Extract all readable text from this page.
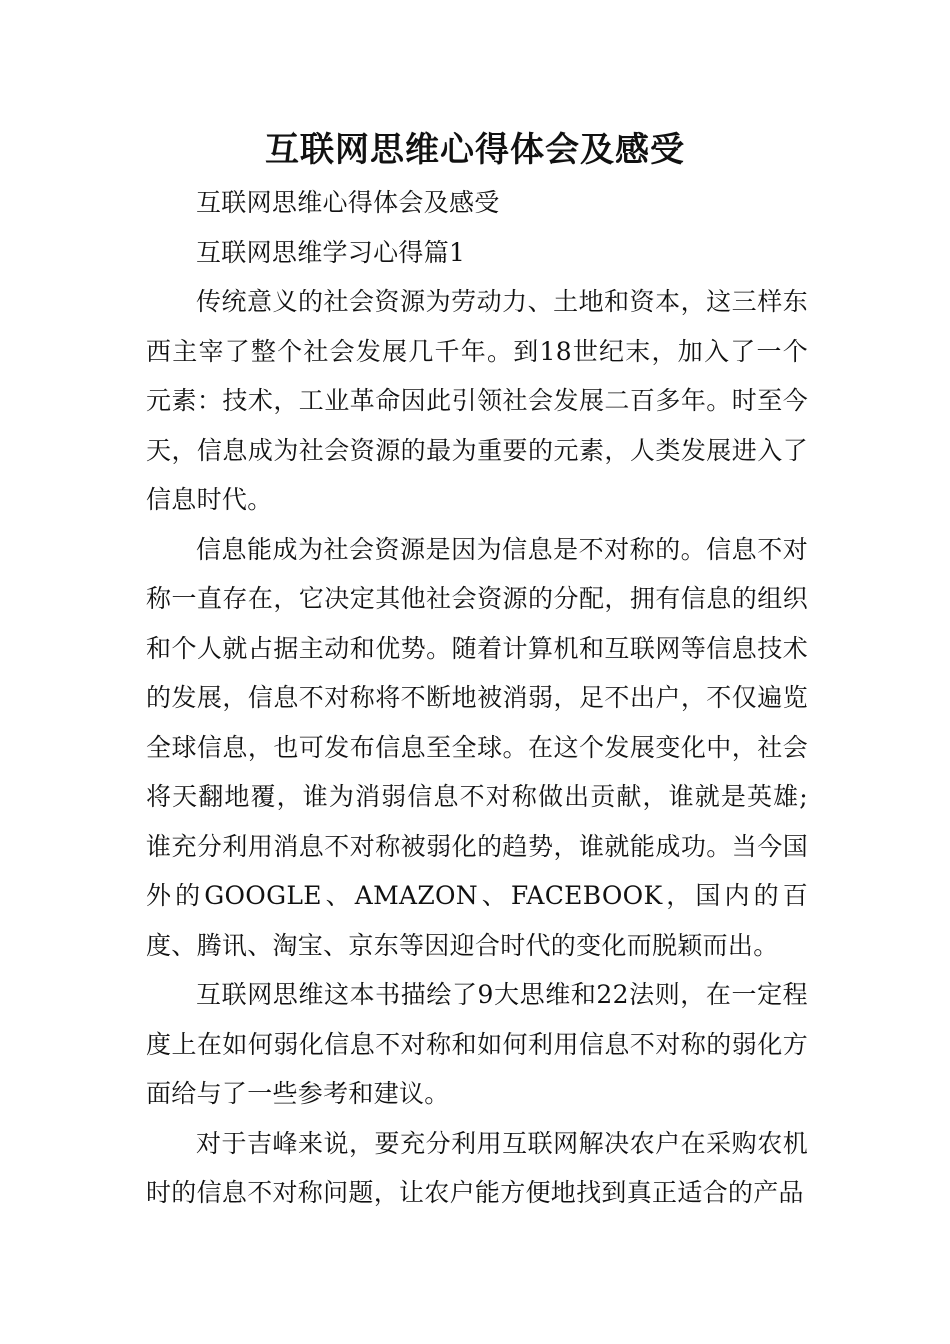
互联网思维心得体会及感受

互联网思维心得体会及感受

互联网思维学习心得篇1

传统意义的社会资源为劳动力、土地和资本，这三样东西主宰了整个社会发展几千年。到18世纪末，加入了一个元素：技术，工业革命因此引领社会发展二百多年。时至今天，信息成为社会资源的最为重要的元素，人类发展进入了信息时代。

信息能成为社会资源是因为信息是不对称的。信息不对称一直存在，它决定其他社会资源的分配，拥有信息的组织和个人就占据主动和优势。随着计算机和互联网等信息技术的发展，信息不对称将不断地被消弱，足不出户，不仅遍览全球信息，也可发布信息至全球。在这个发展变化中，社会将天翻地覆，谁为消弱信息不对称做出贡献，谁就是英雄;谁充分利用消息不对称被弱化的趋势，谁就能成功。当今国外的GOOGLE、AMAZON、FACEBOOK，国内的百度、腾讯、淘宝、京东等因迎合时代的变化而脱颖而出。

互联网思维这本书描绘了9大思维和22法则，在一定程度上在如何弱化信息不对称和如何利用信息不对称的弱化方面给与了一些参考和建议。

对于吉峰来说，要充分利用互联网解决农户在采购农机时的信息不对称问题，让农户能方便地找到真正适合的产品
